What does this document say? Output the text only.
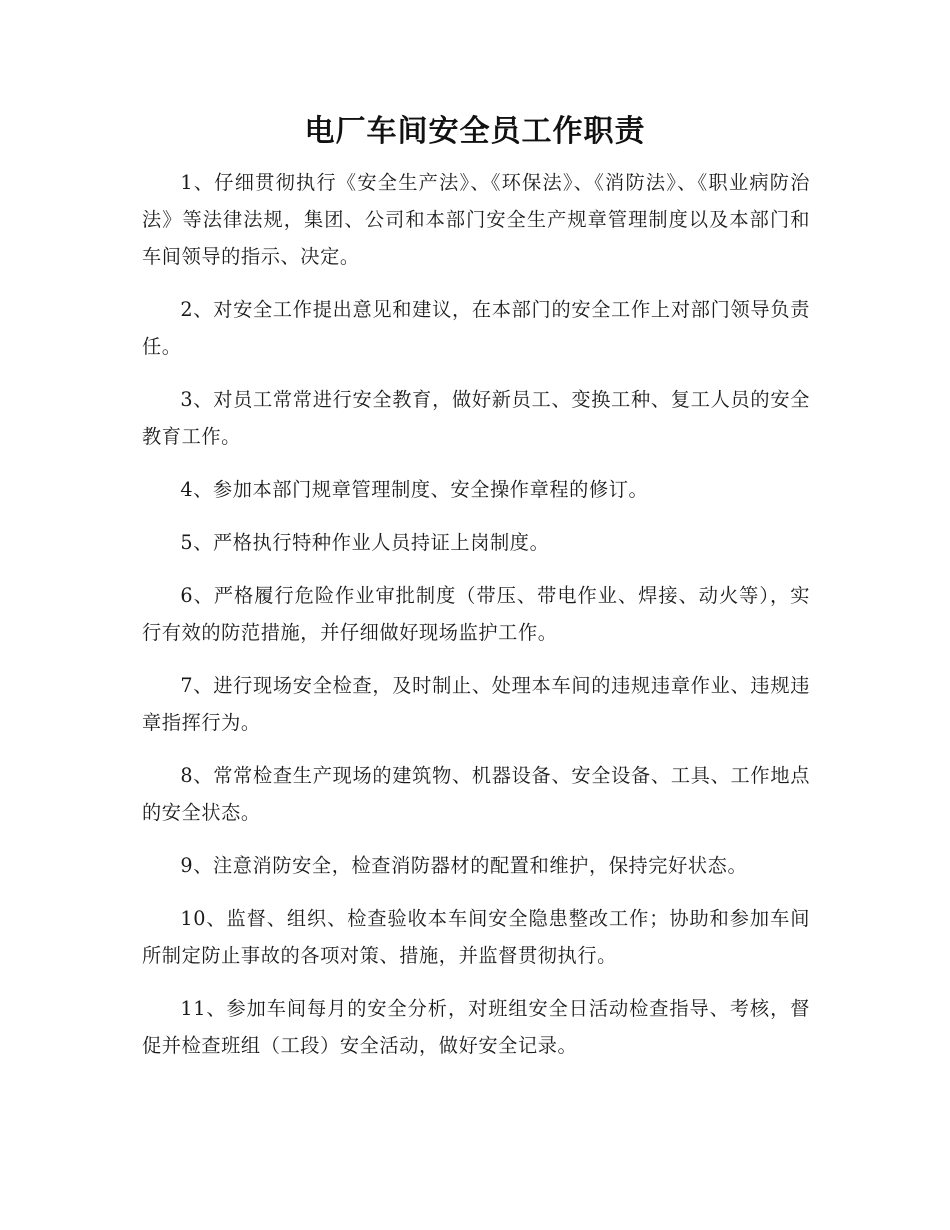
电厂车间安全员工作职责

1、仔细贯彻执行《安全生产法》、《环保法》、《消防法》、《职业病防治法》等法律法规，集团、公司和本部门安全生产规章管理制度以及本部门和车间领导的指示、决定。

2、对安全工作提出意见和建议，在本部门的安全工作上对部门领导负责任。

3、对员工常常进行安全教育，做好新员工、变换工种、复工人员的安全教育工作。

4、参加本部门规章管理制度、安全操作章程的修订。

5、严格执行特种作业人员持证上岗制度。

6、严格履行危险作业审批制度（带压、带电作业、焊接、动火等），实行有效的防范措施，并仔细做好现场监护工作。

7、进行现场安全检查，及时制止、处理本车间的违规违章作业、违规违章指挥行为。

8、常常检查生产现场的建筑物、机器设备、安全设备、工具、工作地点的安全状态。

9、注意消防安全，检查消防器材的配置和维护，保持完好状态。

10、监督、组织、检查验收本车间安全隐患整改工作；协助和参加车间所制定防止事故的各项对策、措施，并监督贯彻执行。

11、参加车间每月的安全分析，对班组安全日活动检查指导、考核，督促并检查班组（工段）安全活动，做好安全记录。
